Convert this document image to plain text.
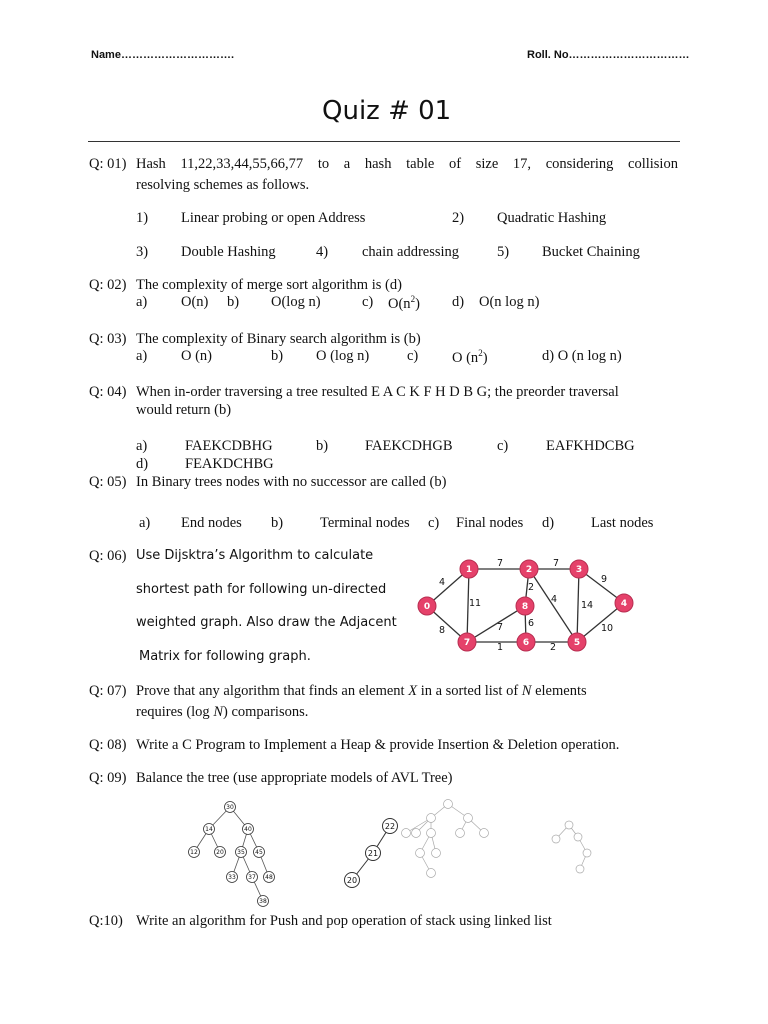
Name………………………….	Roll. No……………………………
Quiz # 01
Q: 01) Hash 11,22,33,44,55,66,77 to a hash table of size 17, considering collision
resolving schemes as follows.
1) Linear probing or open Address	2) Quadratic Hashing
3) Double Hashing	4) chain addressing	5) Bucket Chaining
Q: 02) The complexity of merge sort algorithm is (d)
a) O(n) b) O(log n)	c) $O(n^2)$ d) O(n log n)
Q: 03) The complexity of Binary search algorithm is (b)
a) O (n)	b) O (log n)	c) O $(n^2)$	d) O (n log n)
Q: 04) When in-order traversing a tree resulted E A C K F H D B G; the preorder traversal
would return (b)
a)	FAEKCDBHG	b)	FAEKCDHGB	c)	EAFKHDCBG
d)	FEAKDCHBG
Q: 05) In Binary trees nodes with no successor are called (b)
a) End nodes b)	Terminal nodes c) Final nodes d)	Last nodes
Q: 06) Use Dijsktra’s Algorithm to calculate
shortest path for following un-directed
weighted graph. Also draw the Adjacent
Matrix for following graph.
4
8
7
11
7
9
2
4
14
7	6	10
1	2
0
1	2	3
4
5
6
7
8
Q: 07) Prove that any algorithm that finds an element X in a sorted list of N elements
requires (log N) comparisons.
Q: 08) Write a C Program to Implement a Heap & provide Insertion & Deletion operation.
Q: 09) Balance the tree (use appropriate models of AVL Tree)
30
14	40
12	20 35 45
33 37 48
38
22
21
20
Q:10) Write an algorithm for Push and pop operation of stack using linked list
